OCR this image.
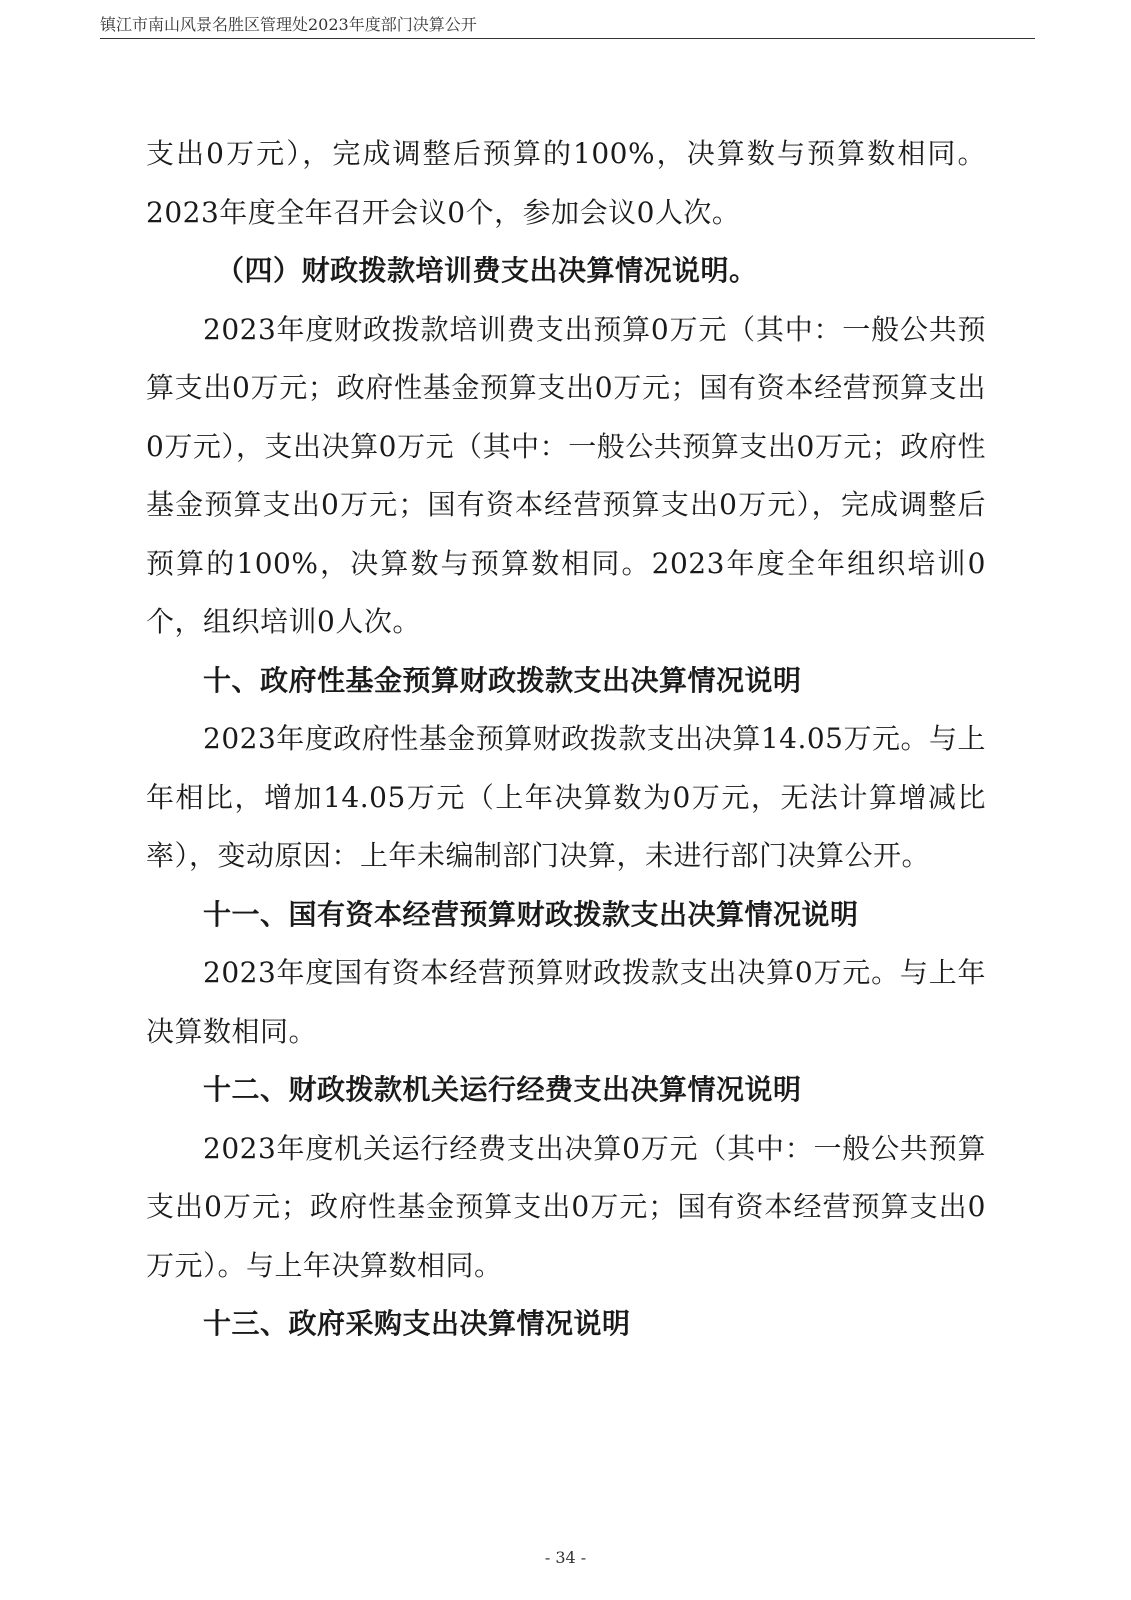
镇江市南山风景名胜区管理处2023年度部门决算公开

支出0万元），完成调整后预算的100%，决算数与预算数相同。2023年度全年召开会议0个，参加会议0人次。

（四）财政拨款培训费支出决算情况说明。

2023年度财政拨款培训费支出预算0万元（其中：一般公共预算支出0万元；政府性基金预算支出0万元；国有资本经营预算支出0万元），支出决算0万元（其中：一般公共预算支出0万元；政府性基金预算支出0万元；国有资本经营预算支出0万元），完成调整后预算的100%，决算数与预算数相同。2023年度全年组织培训0个，组织培训0人次。

十、政府性基金预算财政拨款支出决算情况说明

2023年度政府性基金预算财政拨款支出决算14.05万元。与上年相比，增加14.05万元（上年决算数为0万元，无法计算增减比率），变动原因：上年未编制部门决算，未进行部门决算公开。

十一、国有资本经营预算财政拨款支出决算情况说明

2023年度国有资本经营预算财政拨款支出决算0万元。与上年决算数相同。

十二、财政拨款机关运行经费支出决算情况说明

2023年度机关运行经费支出决算0万元（其中：一般公共预算支出0万元；政府性基金预算支出0万元；国有资本经营预算支出0万元）。与上年决算数相同。

十三、政府采购支出决算情况说明

- 34 -
